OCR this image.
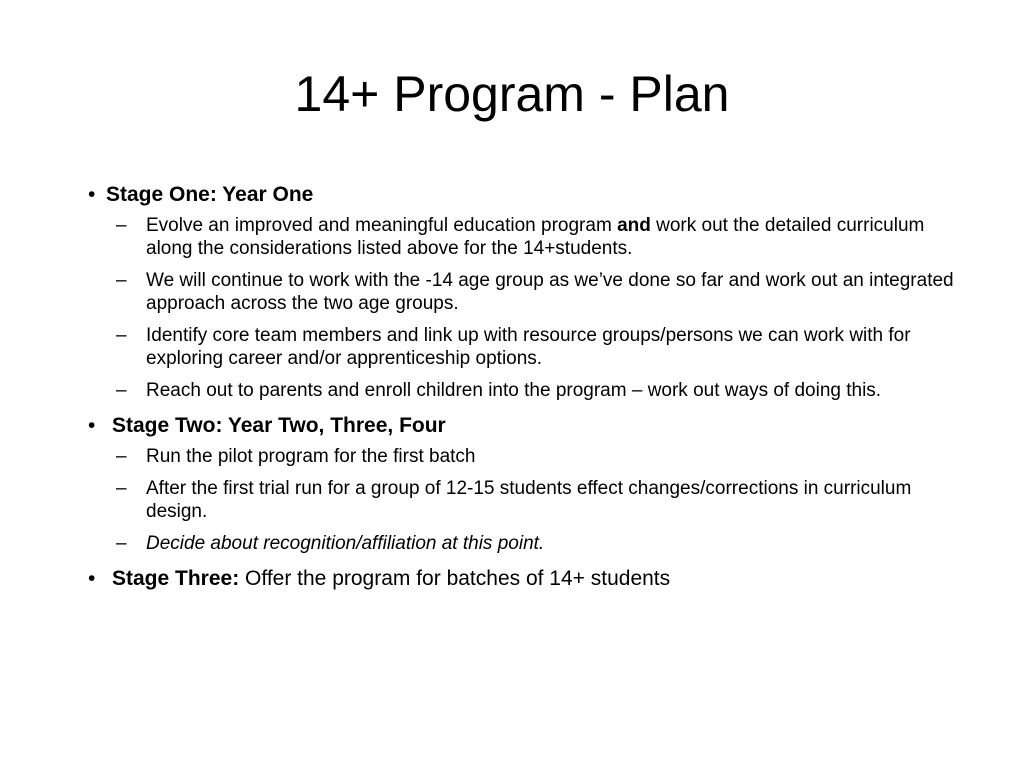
14+ Program - Plan
• Stage One: Year One
– Evolve an improved and meaningful education program and work out the detailed curriculum along the considerations listed above for the 14+students.
– We will continue to work with the -14 age group as we’ve done so far and work out an integrated approach across the two age groups.
– Identify core team members and link up with resource groups/persons we can work with for exploring career and/or apprenticeship options.
– Reach out to parents and enroll children into the program – work out ways of doing this.
• Stage Two: Year Two, Three, Four
– Run the pilot program for the first batch
– After the first trial run for a group of 12-15 students effect changes/corrections in curriculum design.
– Decide about recognition/affiliation at this point.
• Stage Three: Offer the program for batches of 14+ students
